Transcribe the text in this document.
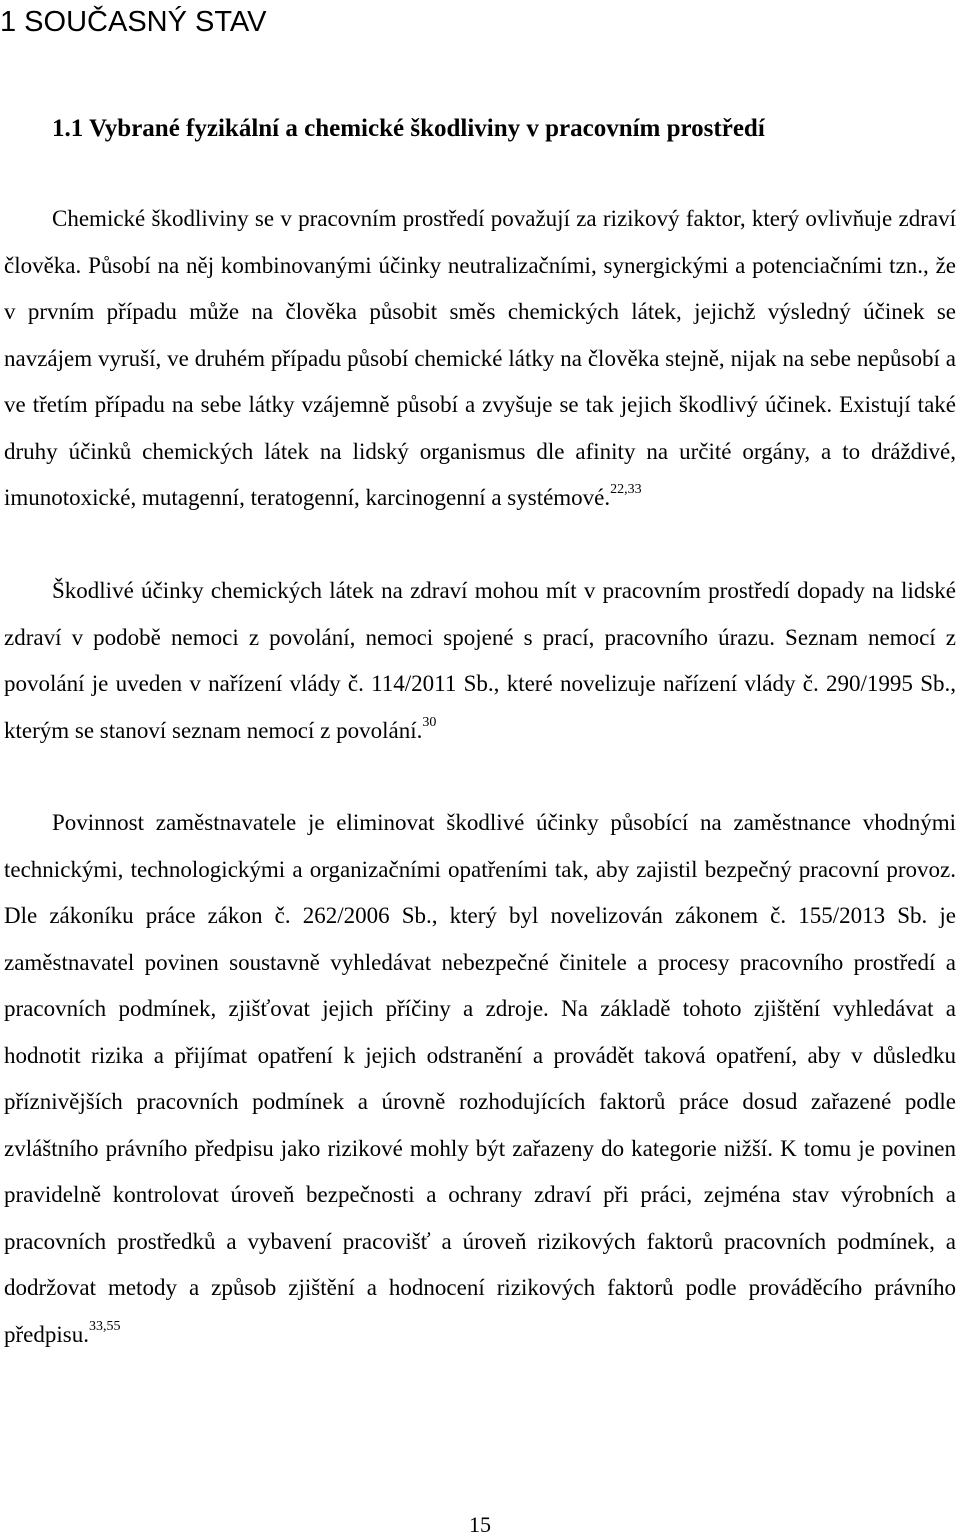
1 SOUČASNÝ STAV
1.1 Vybrané fyzikální a chemické škodliviny v pracovním prostředí

Chemické škodliviny se v pracovním prostředí považují za rizikový faktor, který ovlivňuje zdraví člověka. Působí na něj kombinovanými účinky neutralizačními, synergickými a potenciačními tzn., že v prvním případu může na člověka působit směs chemických látek, jejichž výsledný účinek se navzájem vyruší, ve druhém případu působí chemické látky na člověka stejně, nijak na sebe nepůsobí a ve třetím případu na sebe látky vzájemně působí a zvyšuje se tak jejich škodlivý účinek. Existují také druhy účinků chemických látek na lidský organismus dle afinity na určité orgány, a to dráždivé, imunotoxické, mutagenní, teratogenní, karcinogenní a systémové.$^{22,33}$

Škodlivé účinky chemických látek na zdraví mohou mít v pracovním prostředí dopady na lidské zdraví v podobě nemoci z povolání, nemoci spojené s prací, pracovního úrazu. Seznam nemocí z povolání je uveden v nařízení vlády č. 114/2011 Sb., které novelizuje nařízení vlády č. 290/1995 Sb., kterým se stanoví seznam nemocí z povolání.$^{30}$

Povinnost zaměstnavatele je eliminovat škodlivé účinky působící na zaměstnance vhodnými technickými, technologickými a organizačními opatřeními tak, aby zajistil bezpečný pracovní provoz. Dle zákoníku práce zákon č. 262/2006 Sb., který byl novelizován zákonem č. 155/2013 Sb. je zaměstnavatel povinen soustavně vyhledávat nebezpečné činitele a procesy pracovního prostředí a pracovních podmínek, zjišťovat jejich příčiny a zdroje. Na základě tohoto zjištění vyhledávat a hodnotit rizika a přijímat opatření k jejich odstranění a provádět taková opatření, aby v důsledku příznivějších pracovních podmínek a úrovně rozhodujících faktorů práce dosud zařazené podle zvláštního právního předpisu jako rizikové mohly být zařazeny do kategorie nižší. K tomu je povinen pravidelně kontrolovat úroveň bezpečnosti a ochrany zdraví při práci, zejména stav výrobních a pracovních prostředků a vybavení pracovišť a úroveň rizikových faktorů pracovních podmínek, a dodržovat metody a způsob zjištění a hodnocení rizikových faktorů podle prováděcího právního předpisu.$^{33,55}$

15
